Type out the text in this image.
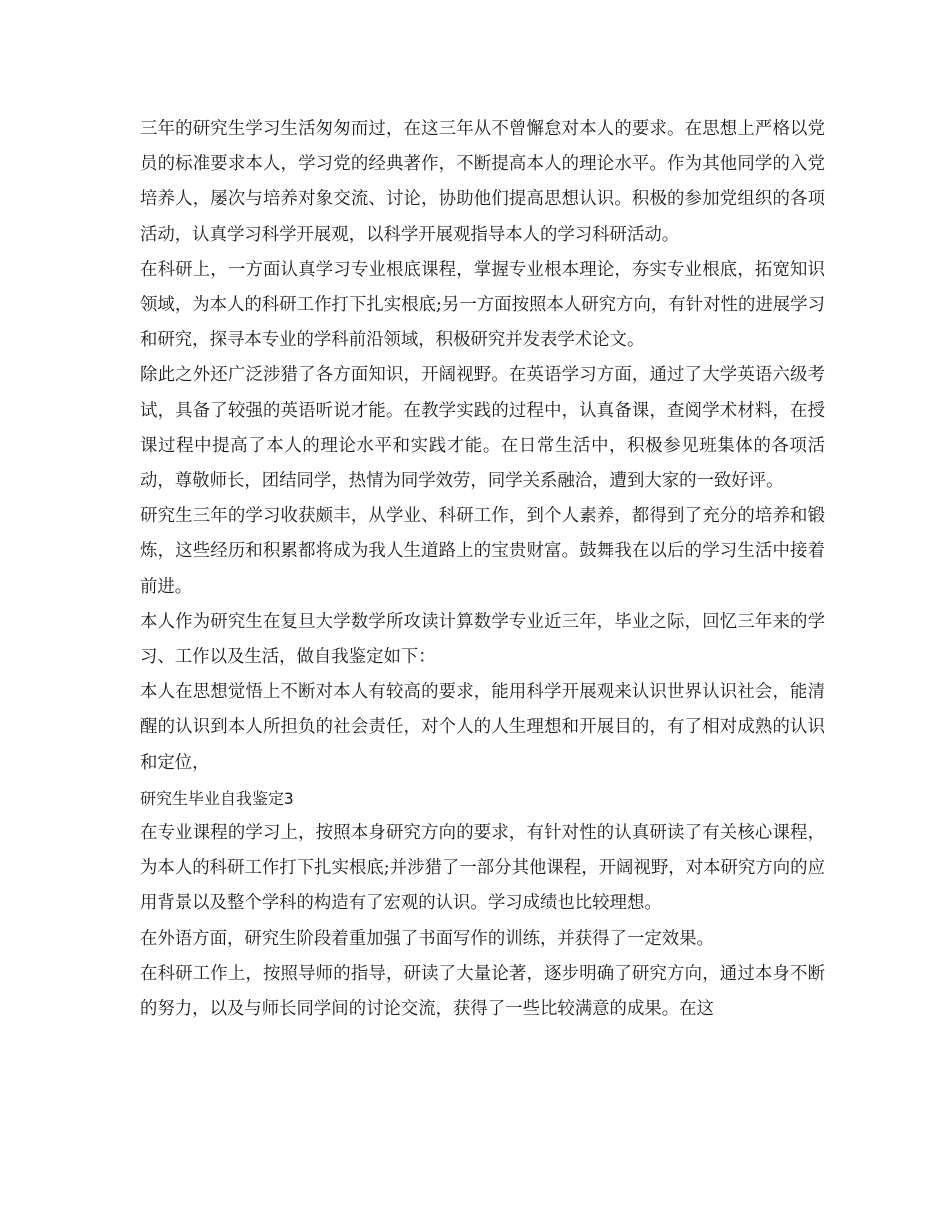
三年的研究生学习生活匆匆而过，在这三年从不曾懈怠对本人的要求。在思想上严格以党员的标准要求本人，学习党的经典著作，不断提高本人的理论水平。作为其他同学的入党培养人，屡次与培养对象交流、讨论，协助他们提高思想认识。积极的参加党组织的各项活动，认真学习科学开展观，以科学开展观指导本人的学习科研活动。

在科研上，一方面认真学习专业根底课程，掌握专业根本理论，夯实专业根底，拓宽知识领域，为本人的科研工作打下扎实根底;另一方面按照本人研究方向，有针对性的进展学习和研究，探寻本专业的学科前沿领域，积极研究并发表学术论文。

除此之外还广泛涉猎了各方面知识，开阔视野。在英语学习方面，通过了大学英语六级考试，具备了较强的英语听说才能。在教学实践的过程中，认真备课，查阅学术材料，在授课过程中提高了本人的理论水平和实践才能。在日常生活中，积极参见班集体的各项活动，尊敬师长，团结同学，热情为同学效劳，同学关系融洽，遭到大家的一致好评。

研究生三年的学习收获颇丰，从学业、科研工作，到个人素养，都得到了充分的培养和锻炼，这些经历和积累都将成为我人生道路上的宝贵财富。鼓舞我在以后的学习生活中接着前进。

本人作为研究生在复旦大学数学所攻读计算数学专业近三年，毕业之际，回忆三年来的学习、工作以及生活，做自我鉴定如下：

本人在思想觉悟上不断对本人有较高的要求，能用科学开展观来认识世界认识社会，能清醒的认识到本人所担负的社会责任，对个人的人生理想和开展目的，有了相对成熟的认识和定位，

研究生毕业自我鉴定3

在专业课程的学习上，按照本身研究方向的要求，有针对性的认真研读了有关核心课程，为本人的科研工作打下扎实根底;并涉猎了一部分其他课程，开阔视野，对本研究方向的应用背景以及整个学科的构造有了宏观的认识。学习成绩也比较理想。

在外语方面，研究生阶段着重加强了书面写作的训练，并获得了一定效果。

在科研工作上，按照导师的指导，研读了大量论著，逐步明确了研究方向，通过本身不断的努力，以及与师长同学间的讨论交流，获得了一些比较满意的成果。在这
